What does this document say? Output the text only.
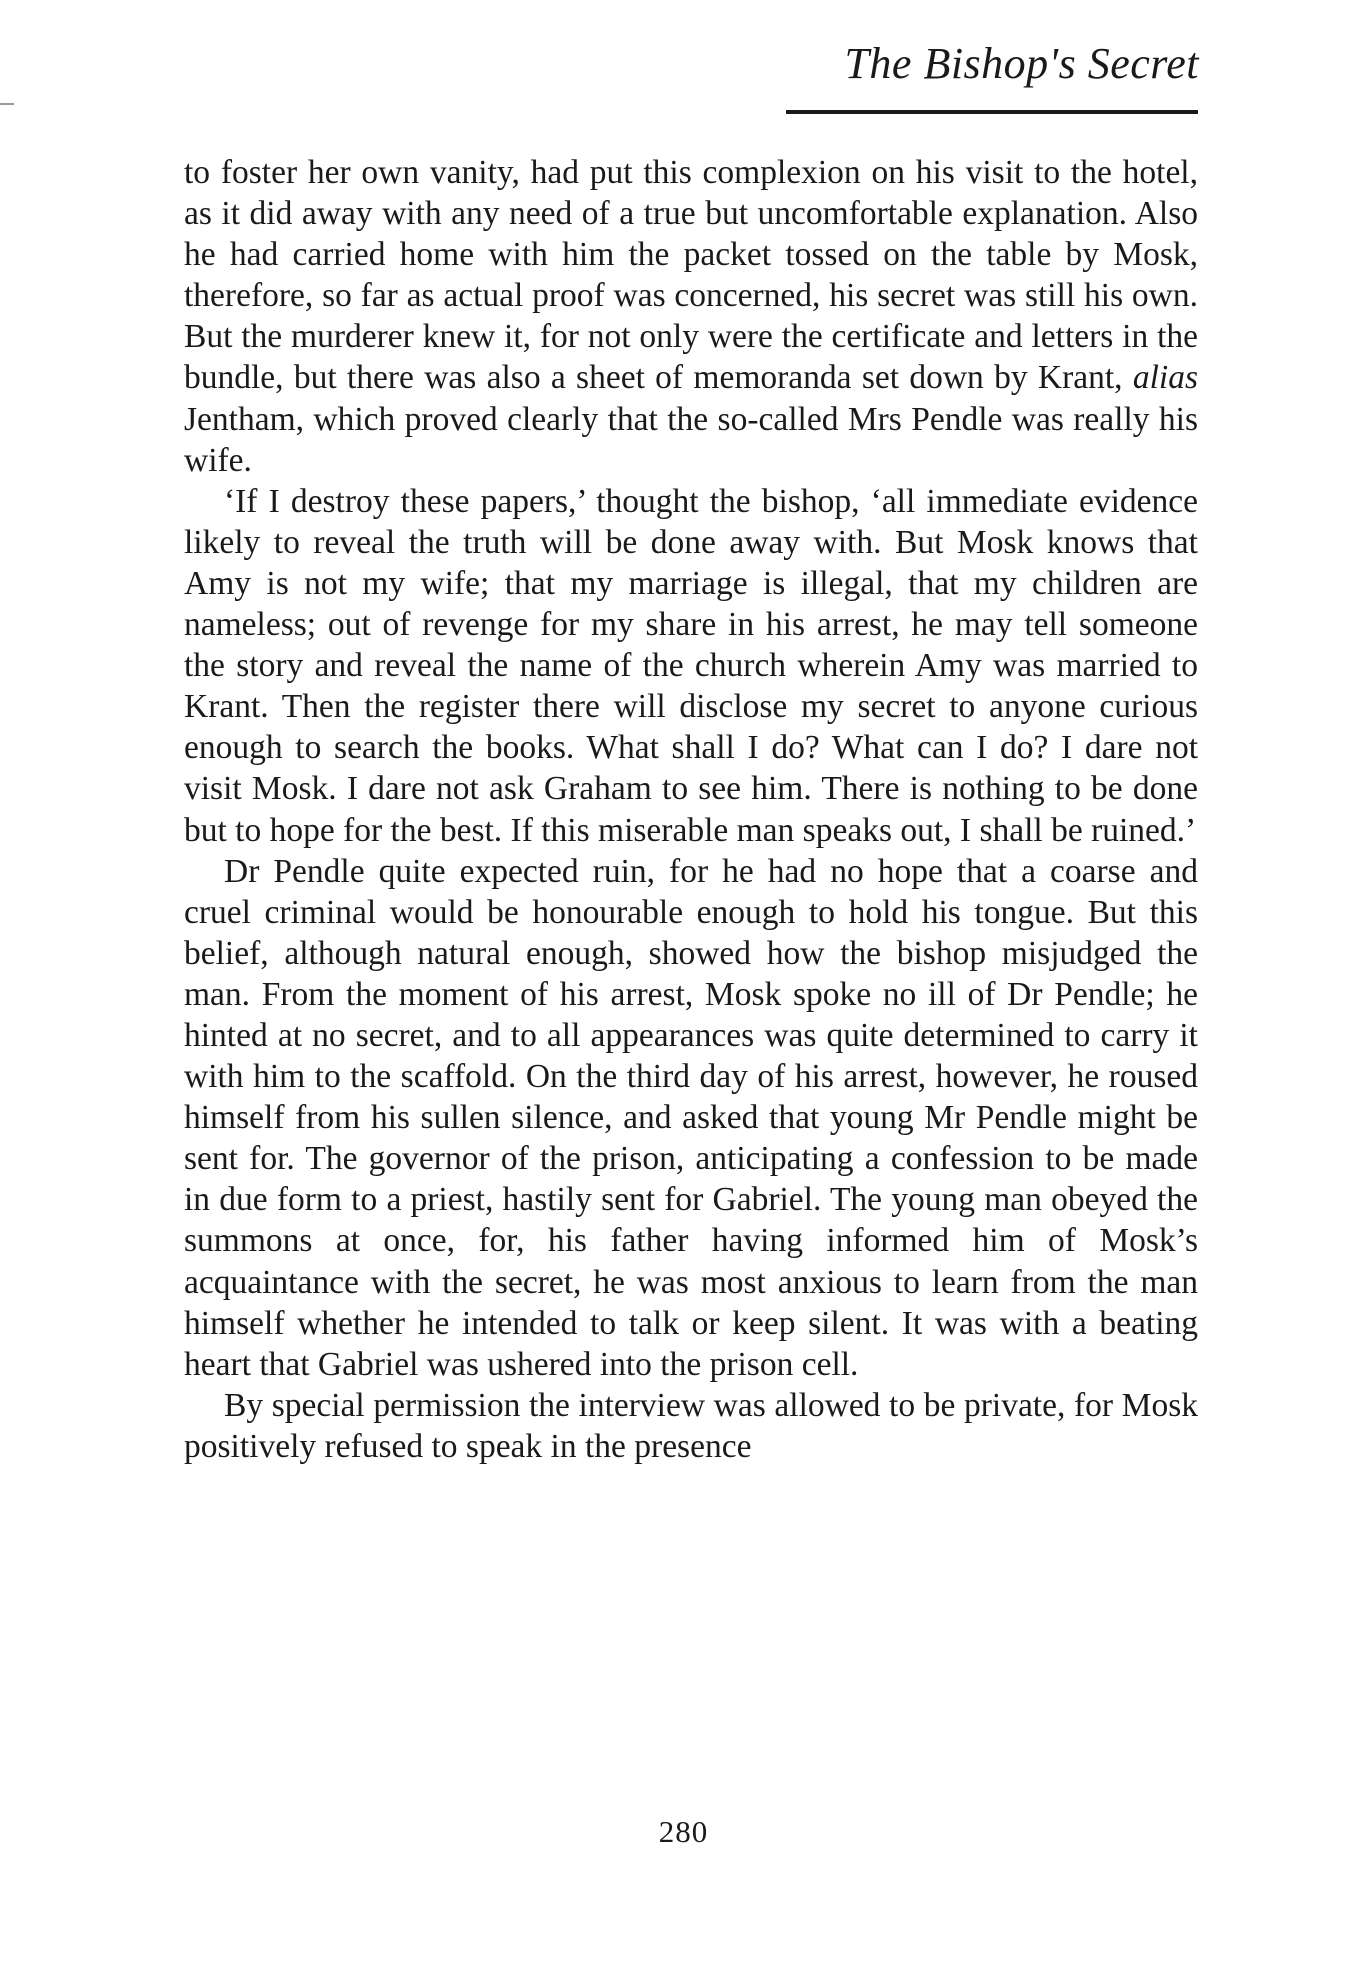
The Bishop's Secret

to foster her own vanity, had put this complexion on his visit to the hotel, as it did away with any need of a true but uncomfortable explanation. Also he had carried home with him the packet tossed on the table by Mosk, therefore, so far as actual proof was concerned, his secret was still his own. But the murderer knew it, for not only were the certificate and letters in the bundle, but there was also a sheet of memoranda set down by Krant, alias Jentham, which proved clearly that the so-called Mrs Pendle was really his wife.

‘If I destroy these papers,’ thought the bishop, ‘all immediate evidence likely to reveal the truth will be done away with. But Mosk knows that Amy is not my wife; that my marriage is illegal, that my children are nameless; out of revenge for my share in his arrest, he may tell someone the story and reveal the name of the church wherein Amy was married to Krant. Then the register there will disclose my secret to anyone curious enough to search the books. What shall I do? What can I do? I dare not visit Mosk. I dare not ask Graham to see him. There is nothing to be done but to hope for the best. If this miserable man speaks out, I shall be ruined.’

Dr Pendle quite expected ruin, for he had no hope that a coarse and cruel criminal would be honourable enough to hold his tongue. But this belief, although natural enough, showed how the bishop misjudged the man. From the moment of his arrest, Mosk spoke no ill of Dr Pendle; he hinted at no secret, and to all appearances was quite determined to carry it with him to the scaffold. On the third day of his arrest, however, he roused himself from his sullen silence, and asked that young Mr Pendle might be sent for. The governor of the prison, anticipating a confession to be made in due form to a priest, hastily sent for Gabriel. The young man obeyed the summons at once, for, his father having informed him of Mosk’s acquaintance with the secret, he was most anxious to learn from the man himself whether he intended to talk or keep silent. It was with a beating heart that Gabriel was ushered into the prison cell.

By special permission the interview was allowed to be private, for Mosk positively refused to speak in the presence

280
